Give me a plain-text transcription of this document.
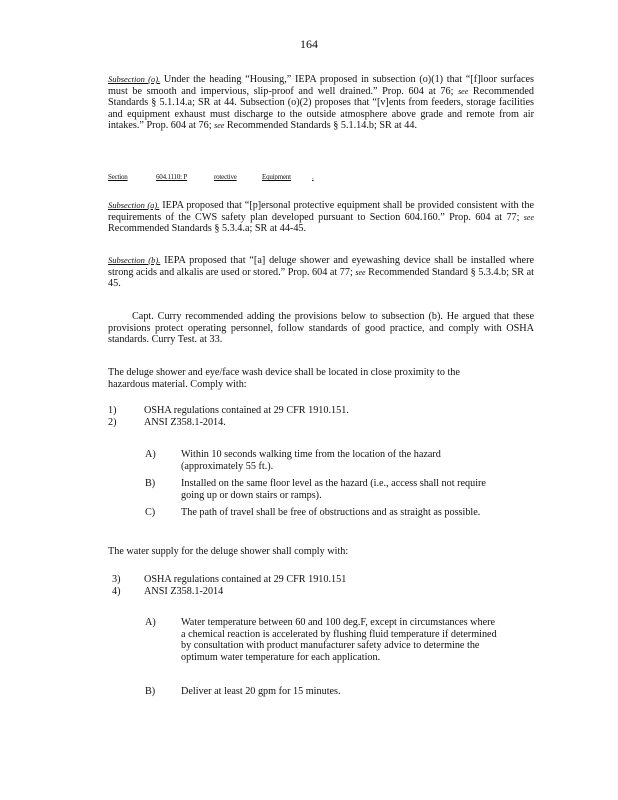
164

Subsection (o). Under the heading “Housing,” IEPA proposed in subsection (o)(1) that “[f]loor surfaces must be smooth and impervious, slip-proof and well drained.” Prop. 604 at 76; see Recommended Standards § 5.1.14.a; SR at 44. Subsection (o)(2) proposes that “[v]ents from feeders, storage facilities and equipment exhaust must discharge to the outside atmosphere above grade and remote from air intakes.” Prop. 604 at 76; see Recommended Standards § 5.1.14.b; SR at 44.

Section	604.1110: P	rotective	Equipment	.

Subsection (a). IEPA proposed that “[p]ersonal protective equipment shall be provided consistent with the requirements of the CWS safety plan developed pursuant to Section 604.160.” Prop. 604 at 77; see Recommended Standards § 5.3.4.a; SR at 44-45.

Subsection (b). IEPA proposed that “[a] deluge shower and eyewashing device shall be installed where strong acids and alkalis are used or stored.” Prop. 604 at 77; see Recommended Standard § 5.3.4.b; SR at 45.

Capt. Curry recommended adding the provisions below to subsection (b). He argued that these provisions protect operating personnel, follow standards of good practice, and comply with OSHA standards. Curry Test. at 33.

The deluge shower and eye/face wash device shall be located in close proximity to the hazardous material. Comply with:

1)	OSHA regulations contained at 29 CFR 1910.151.
2)	ANSI Z358.1-2014.
A) Within 10 seconds walking time from the location of the hazard (approximately 55 ft.).
B)	Installed on the same floor level as the hazard (i.e., access shall not require going up or down stairs or ramps).
C)	The path of travel shall be free of obstructions and as straight as possible.

The water supply for the deluge shower shall comply with:

3) OSHA regulations contained at 29 CFR 1910.151
4) ANSI Z358.1-2014
A) Water temperature between 60 and 100 deg.F, except in circumstances where a chemical reaction is accelerated by flushing fluid temperature if determined by consultation with product manufacturer safety advice to determine the optimum water temperature for each application.
B)	Deliver at least 20 gpm for 15 minutes.
